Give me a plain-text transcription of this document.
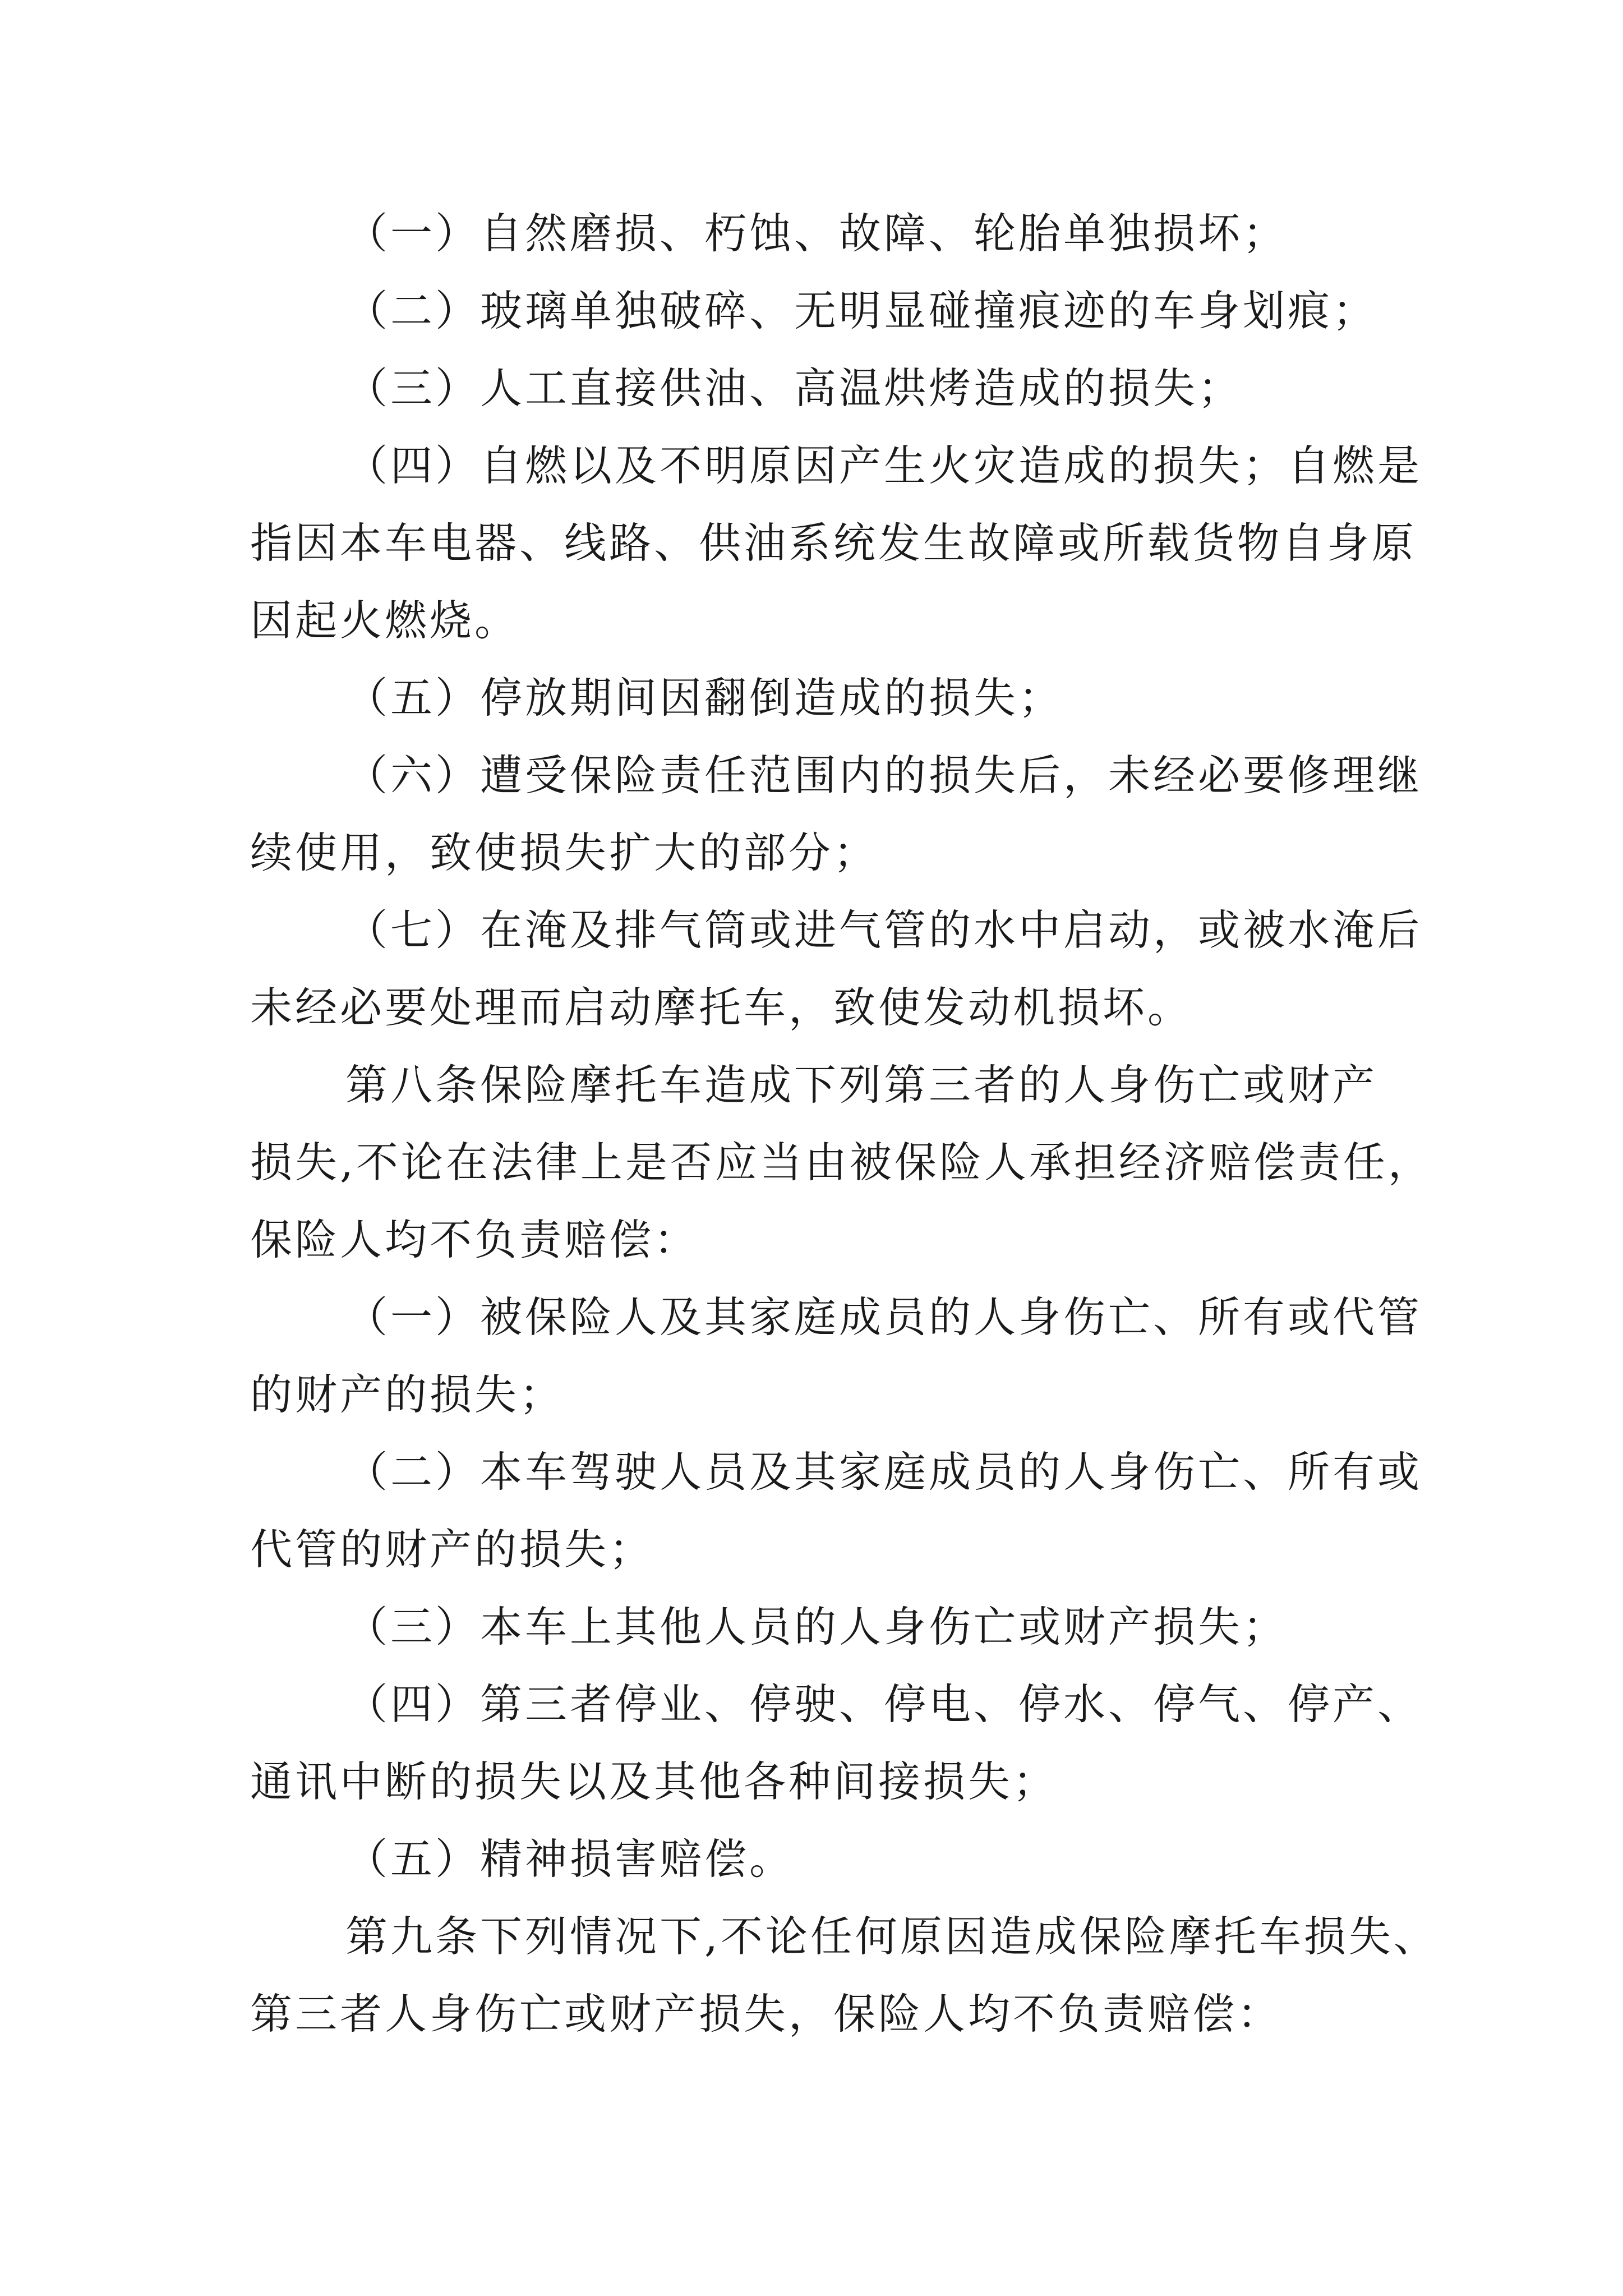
（一）自然磨损、朽蚀、故障、轮胎单独损坏；
（二）玻璃单独破碎、无明显碰撞痕迹的车身划痕；
（三）人工直接供油、高温烘烤造成的损失；
（四）自燃以及不明原因产生火灾造成的损失；自燃是
指因本车电器、线路、供油系统发生故障或所载货物自身原
因起火燃烧。
（五）停放期间因翻倒造成的损失；
（六）遭受保险责任范围内的损失后，未经必要修理继
续使用，致使损失扩大的部分；
（七）在淹及排气筒或进气管的水中启动，或被水淹后
未经必要处理而启动摩托车，致使发动机损坏。
第八条保险摩托车造成下列第三者的人身伤亡或财产
损失,不论在法律上是否应当由被保险人承担经济赔偿责任，
保险人均不负责赔偿：
（一）被保险人及其家庭成员的人身伤亡、所有或代管
的财产的损失；
（二）本车驾驶人员及其家庭成员的人身伤亡、所有或
代管的财产的损失；
（三）本车上其他人员的人身伤亡或财产损失；
（四）第三者停业、停驶、停电、停水、停气、停产、
通讯中断的损失以及其他各种间接损失；
（五）精神损害赔偿。
第九条下列情况下,不论任何原因造成保险摩托车损失、
第三者人身伤亡或财产损失，保险人均不负责赔偿：
